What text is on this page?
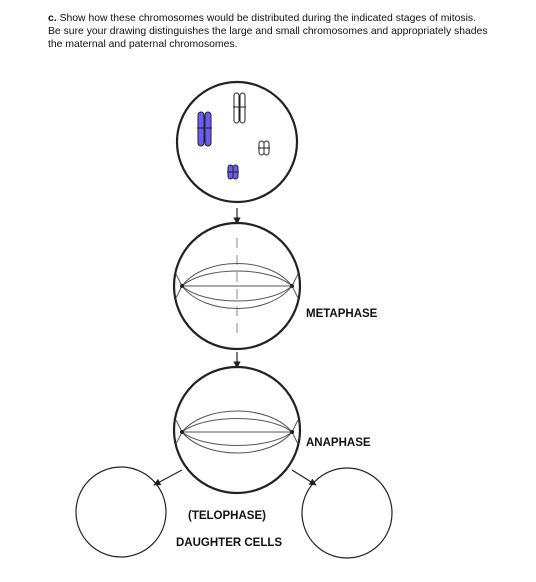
c. Show how these chromosomes would be distributed during the indicated stages of mitosis.
Be sure your drawing distinguishes the large and small chromosomes and appropriately shades
the maternal and paternal chromosomes.
METAPHASE
ANAPHASE
(TELOPHASE)
DAUGHTER CELLS
